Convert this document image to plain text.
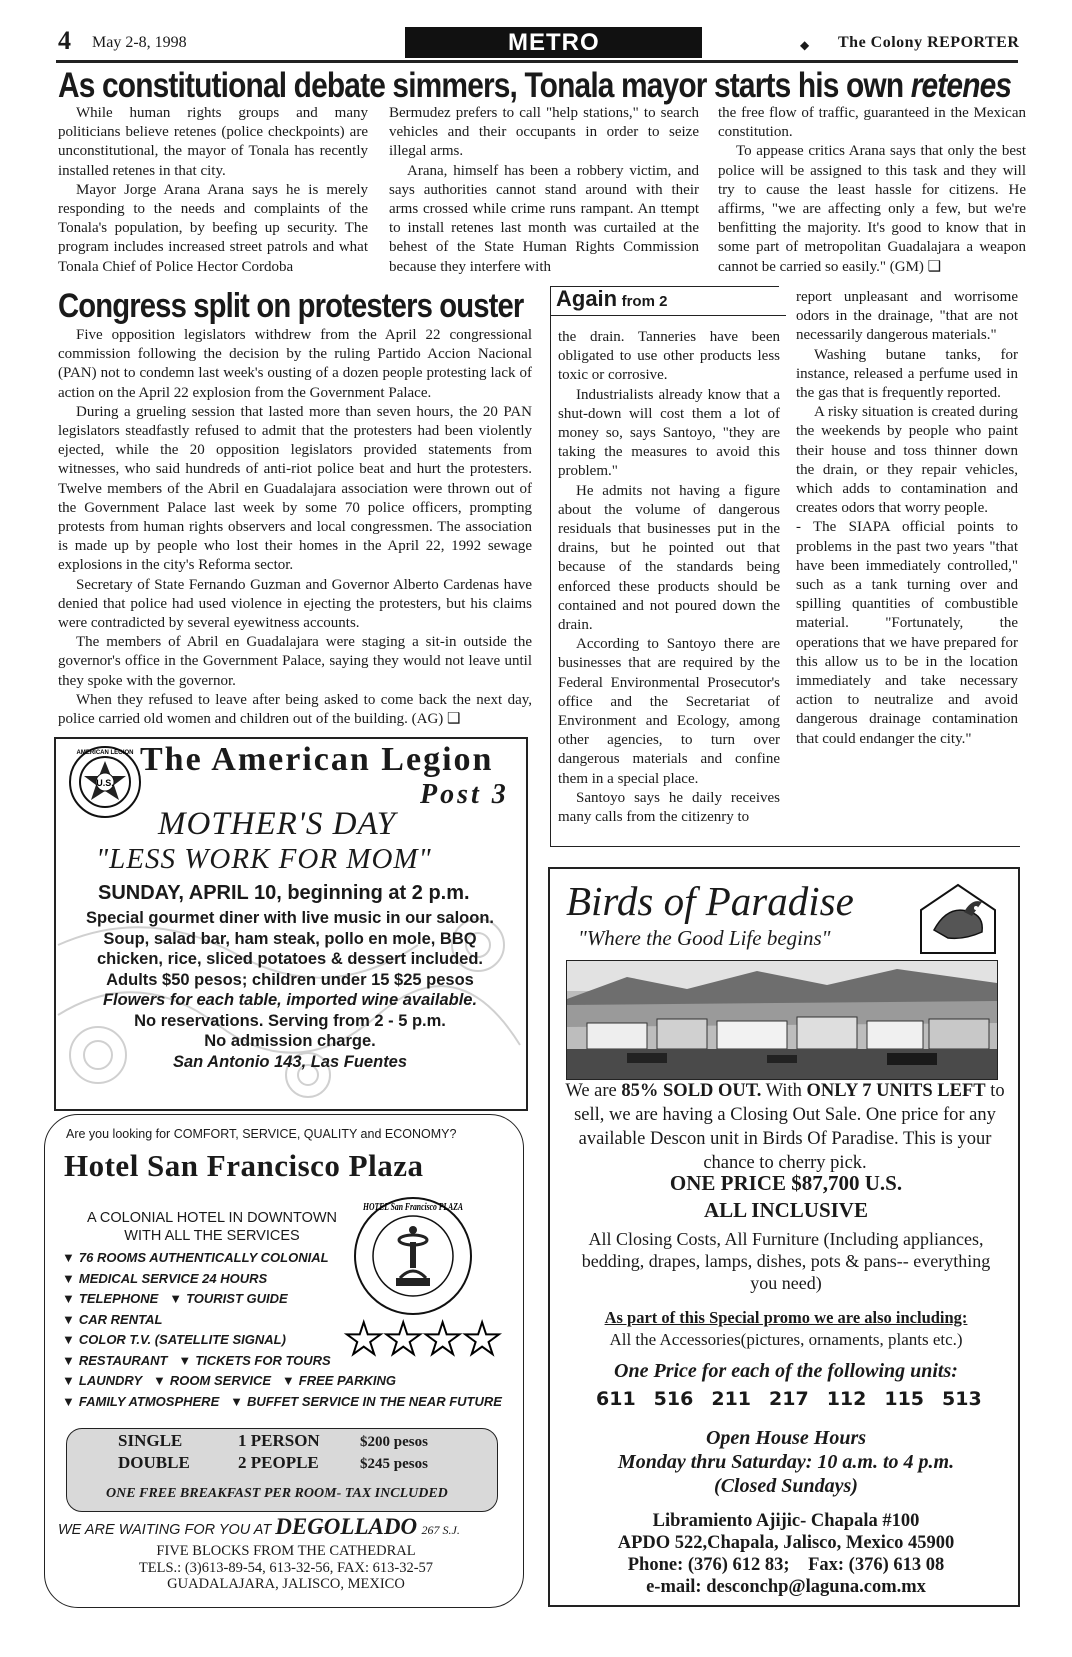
4 May 2-8, 1998	METRO	◆ The Colony REPORTER
As constitutional debate simmers, Tonala mayor starts his own retenes

While human rights groups and many politicians believe retenes (police checkpoints) are unconstitutional, the mayor of Tonala has recently installed retenes in that city.

Mayor Jorge Arana Arana says he is merely responding to the needs and complaints of the Tonala's population, by beefing up security. The program includes increased street patrols and what Tonala Chief of Police Hector Cordoba

Bermudez prefers to call "help stations," to search vehicles and their occupants in order to seize illegal arms.

Arana, himself has been a robbery victim, and says authorities cannot stand around with their arms crossed while crime runs rampant. An ttempt to install retenes last month was curtailed at the behest of the State Human Rights Commission because they interfere with

the free flow of traffic, guaranteed in the Mexican constitution.

To appease critics Arana says that only the best police will be assigned to this task and they will try to cause the least hassle for citizens. He affirms, "we are affecting only a few, but we're benfitting the majority. It's good to know that in some part of metropolitan Guadalajara a weapon cannot be carried so easily." (GM) ❑

Congress split on protesters ouster

Five opposition legislators withdrew from the April 22 congressional commission following the decision by the ruling Partido Accion Nacional (PAN) not to condemn last week's ousting of a dozen people protesting lack of action on the April 22 explosion from the Government Palace.

During a grueling session that lasted more than seven hours, the 20 PAN legislators steadfastly refused to admit that the protesters had been violently ejected, while the 20 opposition legislators provided statements from witnesses, who said hundreds of anti-riot police beat and hurt the protesters. Twelve members of the Abril en Guadalajara association were thrown out of the Government Palace last week by some 70 police officers, prompting protests from human rights observers and local congressmen. The association is made up by people who lost their homes in the April 22, 1992 sewage explosions in the city's Reforma sector.

Secretary of State Fernando Guzman and Governor Alberto Cardenas have denied that police had used violence in ejecting the protesters, but his claims were contradicted by several eyewitness accounts.

The members of Abril en Guadalajara were staging a sit-in outside the governor's office in the Government Palace, saying they would not leave until they spoke with the governor.

When they refused to leave after being asked to come back the next day, police carried old women and children out of the building. (AG) ❑

Again from 2

the drain. Tanneries have been obligated to use other products less toxic or corrosive.

Industrialists already know that a shut-down will cost them a lot of money so, says Santoyo, "they are taking the measures to avoid this problem."

He admits not having a figure about the volume of dangerous residuals that businesses put in the drains, but he pointed out that because of the standards being enforced these products should be contained and not poured down the drain.

According to Santoyo there are businesses that are required by the Federal Environmental Prosecutor's office and the Secretariat of Environment and Ecology, among other agencies, to turn over dangerous materials and confine them in a special place.

Santoyo says he daily receives many calls from the citizenry to

report unpleasant and worrisome odors in the drainage, "that are not necessarily dangerous materials."

Washing butane tanks, for instance, released a perfume used in the gas that is frequently reported.

A risky situation is created during the weekends by people who paint their house and toss thinner down the drain, or they repair vehicles, which adds to contamination and creates odors that worry people.

- The SIAPA official points to problems in the past two years "that have been immediately controlled," such as a tank turning over and spilling quantities of combustible material. "Fortunately, the operations that we have prepared for this allow us to be in the location immediately and take necessary action to neutralize and avoid dangerous drainage contamination that could endanger the city."

U.S.
AMERICAN LEGION The American Legion
Post 3
MOTHER'S DAY
"LESS WORK FOR MOM"
SUNDAY, APRIL 10, beginning at 2 p.m.
Special gourmet diner with live music in our saloon.
Soup, salad bar, ham steak, pollo en mole, BBQ
chicken, rice, sliced potatoes & dessert included.
Adults $50 pesos; children under 15 $25 pesos
Flowers for each table, imported wine available.
No reservations. Serving from 2 - 5 p.m.
No admission charge.
San Antonio 143, Las Fuentes
Are you looking for COMFORT, SERVICE, QUALITY and ECONOMY?
Hotel San Francisco Plaza
A COLONIAL HOTEL IN DOWNTOWN
WITH ALL THE SERVICES
HOTEL San Francisco PLAZA
▼ 76 ROOMS AUTHENTICALLY COLONIAL
▼ MEDICAL SERVICE 24 HOURS
▼ TELEPHONE ▼ TOURIST GUIDE
▼ CAR RENTAL
▼ COLOR T.V. (SATELLITE SIGNAL)
▼ RESTAURANT ▼ TICKETS FOR TOURS
▼ LAUNDRY ▼ ROOM SERVICE ▼ FREE PARKING
▼ FAMILY ATMOSPHERE ▼ BUFFET SERVICE IN THE NEAR FUTURE
★★★★
SINGLE	1 PERSON	$200 pesos
DOUBLE	2 PEOPLE	$245 pesos
ONE FREE BREAKFAST PER ROOM- TAX INCLUDED
WE ARE WAITING FOR YOU AT DEGOLLADO 267 S.J.
FIVE BLOCKS FROM THE CATHEDRAL
TELS.: (3)613-89-54, 613-32-56, FAX: 613-32-57
GUADALAJARA, JALISCO, MEXICO
Birds of Paradise
"Where the Good Life begins"
We are 85% SOLD OUT. With ONLY 7 UNITS LEFT to sell, we are having a Closing Out Sale. One price for any available Descon unit in Birds Of Paradise. This is your chance to cherry pick.
ONE PRICE $87,700 U.S.
ALL INCLUSIVE
All Closing Costs, All Furniture (Including appliances, bedding, drapes, lamps, dishes, pots & pans-- everything you need)
As part of this Special promo we are also including:
All the Accessories(pictures, ornaments, plants etc.)
One Price for each of the following units:
611 516 211 217 112 115 513
Open House Hours
Monday thru Saturday: 10 a.m. to 4 p.m.
(Closed Sundays)
Libramiento Ajijic- Chapala #100
APDO 522,Chapala, Jalisco, Mexico 45900
Phone: (376) 612 83; Fax: (376) 613 08
e-mail: desconchp@laguna.com.mx
